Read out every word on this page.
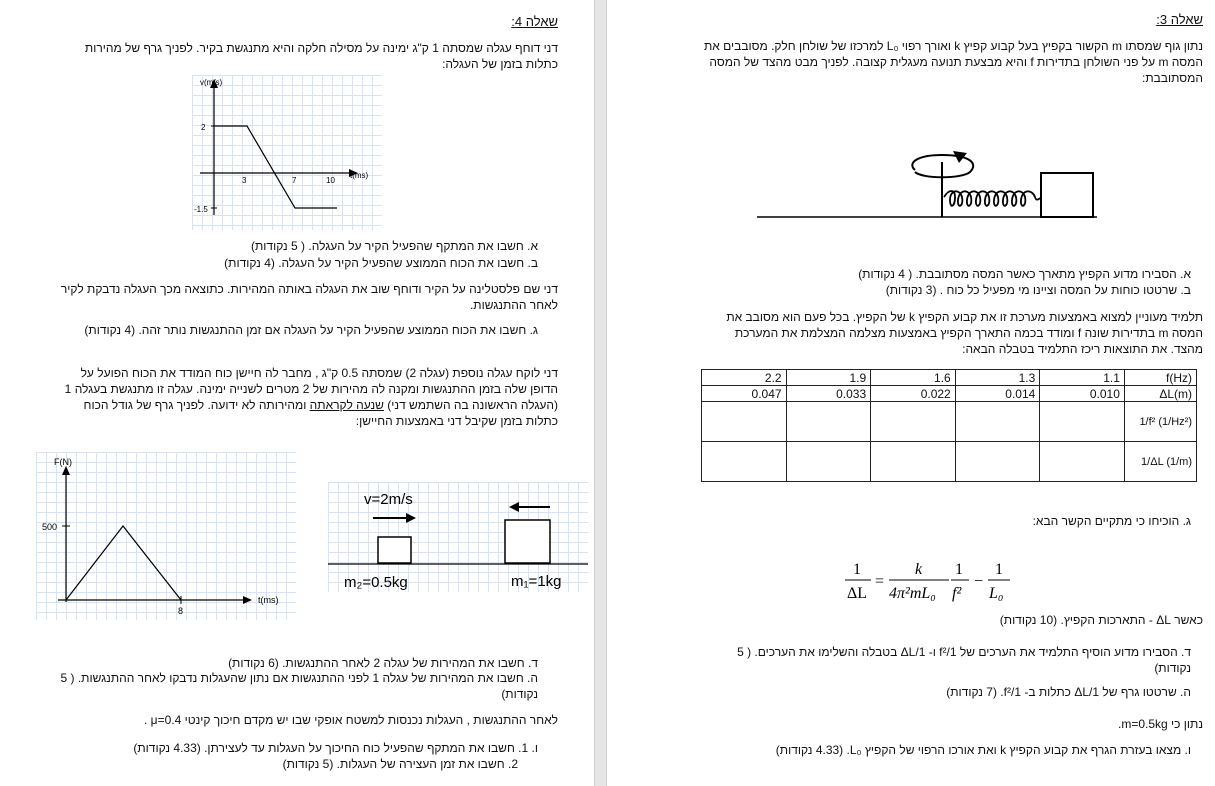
שאלה 4:
דני דוחף עגלה שמסתה 1 ק"ג ימינה על מסילה חלקה והיא מתנגשת בקיר. לפניך גרף של מהירות כתלות בזמן של העגלה:
v(m/s)
t(ms)
2
-1.5
3	7	10
א. חשבו את המתקף שהפעיל הקיר על העגלה. ( 5 נקודות)
ב. חשבו את הכוח הממוצע שהפעיל הקיר על העגלה. (4 נקודות)
דני שם פלסטלינה על הקיר ודוחף שוב את העגלה באותה המהירות. כתוצאה מכך העגלה נדבקת לקיר לאחר ההתנגשות.
ג. חשבו את הכוח הממוצע שהפעיל הקיר על העגלה אם זמן ההתנגשות נותר זהה. (4 נקודות)
דני לוקח עגלה נוספת (עגלה 2) שמסתה 0.5 ק"ג , מחבר לה חיישן כוח המודד את הכוח הפועל על הדופן שלה בזמן ההתנגשות ומקנה לה מהירות של 2 מטרים לשנייה ימינה. עגלה זו מתנגשת בעגלה 1 (העגלה הראשונה בה השתמש דני) שנעה לקראתה ומהירותה לא ידועה. לפניך גרף של גודל הכוח כתלות בזמן שקיבל דני באמצעות החיישן:
F(N)
t(ms)
500
8
v=2m/s
m₂=0.5kg	m₁=1kg
ד. חשבו את המהירות של עגלה 2 לאחר ההתנגשות. (6 נקודות)
ה. חשבו את המהירות של עגלה 1 לפני ההתנגשות אם נתון שהעגלות נדבקו לאחר ההתנגשות. ( 5 נקודות)
לאחר ההתנגשות , העגלות נכנסות למשטח אופקי שבו יש מקדם חיכוך קינטי 0.4=μ .
ו. 1. חשבו את המתקף שהפעיל כוח החיכוך על העגלות עד לעצירתן. (4.33 נקודות)
2. חשבו את זמן העצירה של העגלות. (5 נקודות)
שאלה 3:
נתון גוף שמסתו m הקשור בקפיץ בעל קבוע קפיץ k ואורך רפוי L₀ למרכזו של שולחן חלק. מסובבים את המסה m על פני השולחן בתדירות f והיא מבצעת תנועה מעגלית קצובה. לפניך מבט מהצד של המסה המסתובבת:
א. הסבירו מדוע הקפיץ מתארך כאשר המסה מסתובבת. ( 4 נקודות)
ב. שרטטו כוחות על המסה וציינו מי מפעיל כל כוח . (3 נקודות)
תלמיד מעוניין למצוא באמצעות מערכת זו את קבוע הקפיץ k של הקפיץ. בכל פעם הוא מסובב את המסה m בתדירות שונה f ומודד בכמה התארך הקפיץ באמצעות מצלמה המצלמת את המערכת מהצד. את התוצאות ריכז התלמיד בטבלה הבאה:
2.2	1.9	1.6	1.3	1.1	f(Hz)
0.047	0.033	0.022	0.014	0.010	ΔL(m)
					1/f² (1/Hz²)
					1/ΔL (1/m)
ג. הוכיחו כי מתקיים הקשר הבא:
1
ΔL
=
k
4π²mL₀
1
f²
−
1
L₀
כאשר ΔL - התארכות הקפיץ. (10 נקודות)
ד. הסבירו מדוע הוסיף התלמיד את הערכים של 1/f² ו- 1/ΔL בטבלה והשלימו את הערכים. ( 5 נקודות)
ה. שרטטו גרף של 1/ΔL כתלות ב- 1/f². (7 נקודות)
נתון כי m=0.5kg.
ו. מצאו בעזרת הגרף את קבוע הקפיץ k ואת אורכו הרפוי של הקפיץ L₀. (4.33 נקודות)
